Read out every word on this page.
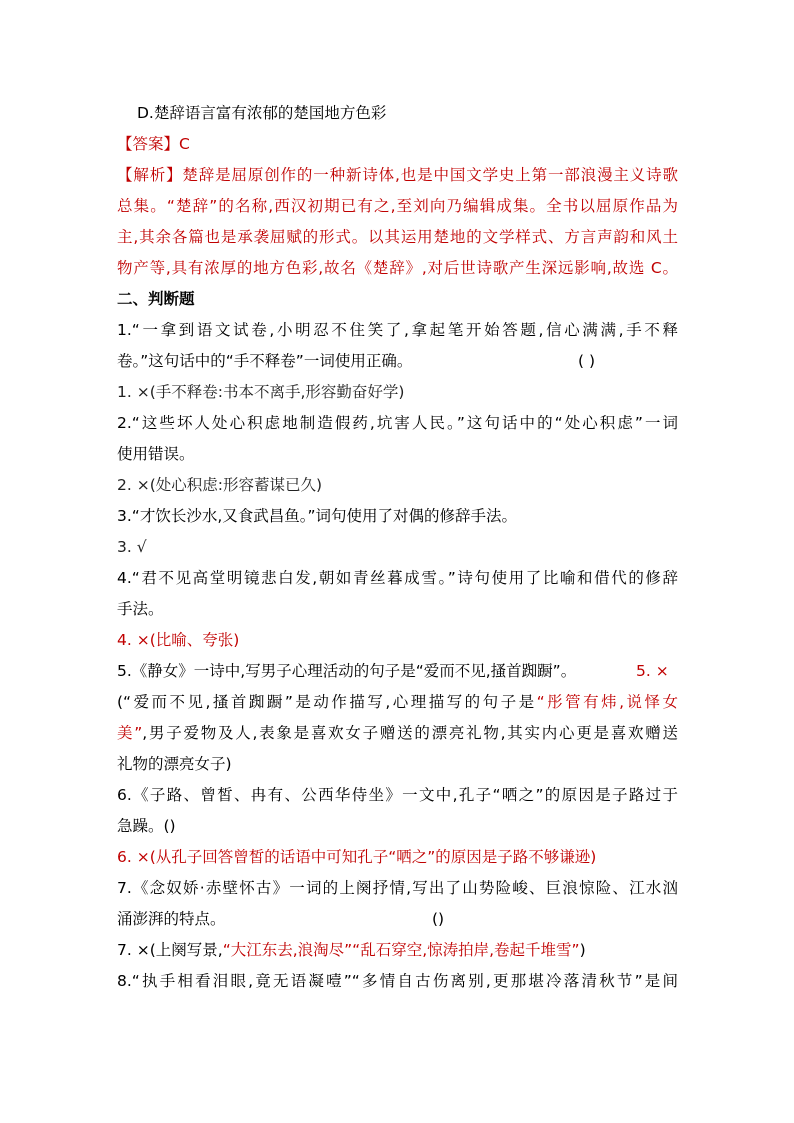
D.楚辞语言富有浓郁的楚国地方色彩
【答案】C
【解析】楚辞是屈原创作的一种新诗体,也是中国文学史上第一部浪漫主义诗歌
总集。“楚辞”的名称,西汉初期已有之,至刘向乃编辑成集。全书以屈原作品为
主,其余各篇也是承袭屈赋的形式。以其运用楚地的文学样式、方言声韵和风土
物产等,具有浓厚的地方色彩,故名《楚辞》,对后世诗歌产生深远影响,故选 C。
二、判断题
1.“一拿到语文试卷,小明忍不住笑了,拿起笔开始答题,信心满满,手不释
卷。”这句话中的“手不释卷”一词使用正确。	( )
1. ×(手不释卷:书本不离手,形容勤奋好学)
2.“这些坏人处心积虑地制造假药,坑害人民。”这句话中的“处心积虑”一词
使用错误。
2. ×(处心积虑:形容蓄谋已久)
3.“才饮长沙水,又食武昌鱼。”词句使用了对偶的修辞手法。
3. √
4.“君不见高堂明镜悲白发,朝如青丝暮成雪。”诗句使用了比喻和借代的修辞
手法。
4. ×(比喻、夸张)
5.《静女》一诗中,写男子心理活动的句子是“爱而不见,搔首踟蹰”。	5. ×
(“爱而不见,搔首踟蹰”是动作描写,心理描写的句子是“彤管有炜,说怿女
美”,男子爱物及人,表象是喜欢女子赠送的漂亮礼物,其实内心更是喜欢赠送
礼物的漂亮女子)
6.《子路、曾皙、冉有、公西华侍坐》一文中,孔子“哂之”的原因是子路过于
急躁。()
6. ×(从孔子回答曾皙的话语中可知孔子“哂之”的原因是子路不够谦逊)
7.《念奴娇·赤壁怀古》一词的上阕抒情,写出了山势险峻、巨浪惊险、江水汹
涌澎湃的特点。	()
7. ×(上阕写景,“大江东去,浪淘尽”“乱石穿空,惊涛拍岸,卷起千堆雪”)
8.“执手相看泪眼,竟无语凝噎”“多情自古伤离别,更那堪冷落清秋节”是间
